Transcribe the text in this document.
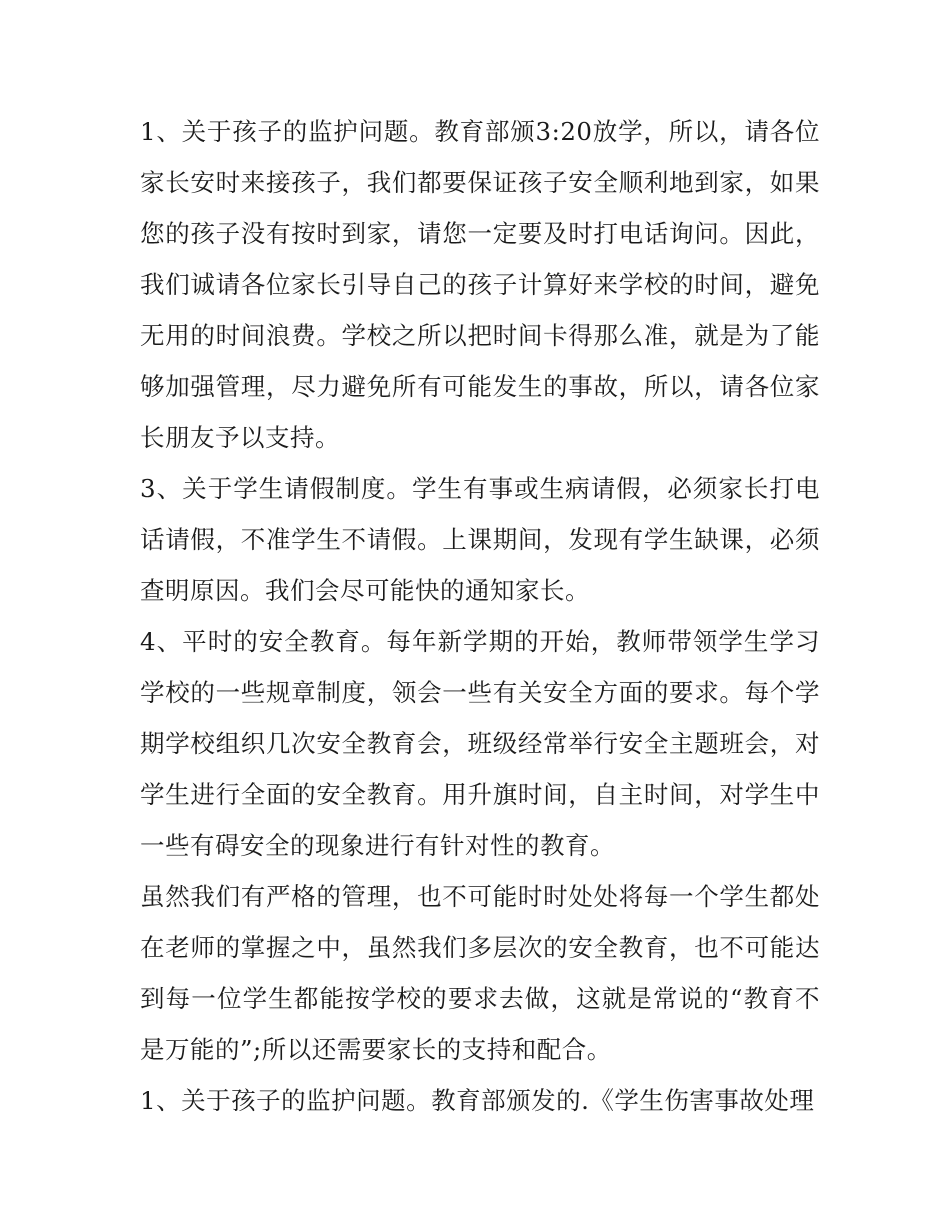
1、关于孩子的监护问题。教育部颁3:20放学，所以，请各位家长安时来接孩子，我们都要保证孩子安全顺利地到家，如果您的孩子没有按时到家，请您一定要及时打电话询问。因此，我们诚请各位家长引导自己的孩子计算好来学校的时间，避免无用的时间浪费。学校之所以把时间卡得那么准，就是为了能够加强管理，尽力避免所有可能发生的事故，所以，请各位家长朋友予以支持。

3、关于学生请假制度。学生有事或生病请假，必须家长打电话请假，不准学生不请假。上课期间，发现有学生缺课，必须查明原因。我们会尽可能快的通知家长。

4、平时的安全教育。每年新学期的开始，教师带领学生学习学校的一些规章制度，领会一些有关安全方面的要求。每个学期学校组织几次安全教育会，班级经常举行安全主题班会，对学生进行全面的安全教育。用升旗时间，自主时间，对学生中一些有碍安全的现象进行有针对性的教育。

虽然我们有严格的管理，也不可能时时处处将每一个学生都处在老师的掌握之中，虽然我们多层次的安全教育，也不可能达到每一位学生都能按学校的要求去做，这就是常说的“教育不是万能的”;所以还需要家长的支持和配合。

1、关于孩子的监护问题。教育部颁发的.《学生伤害事故处理
